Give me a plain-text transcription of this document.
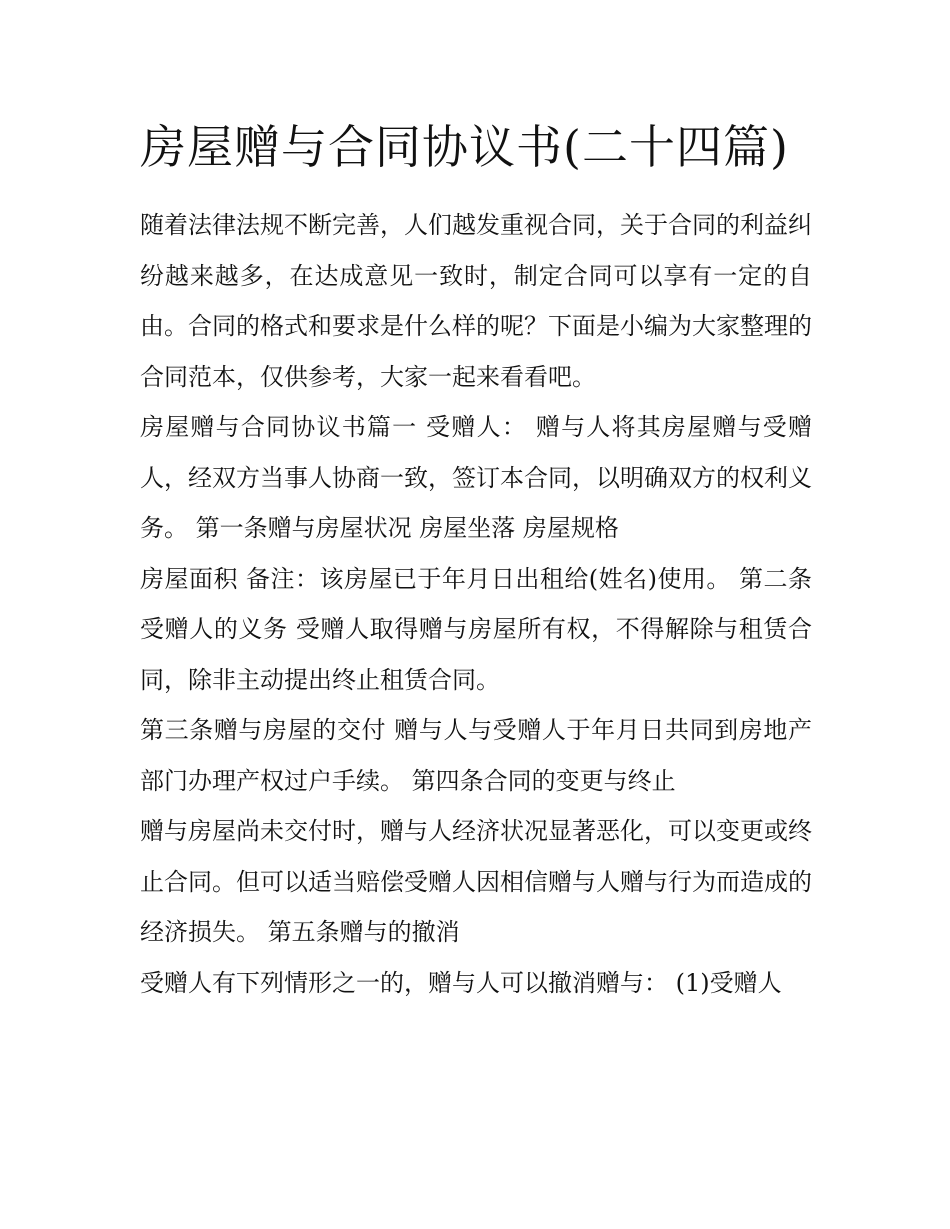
房屋赠与合同协议书(二十四篇)

随着法律法规不断完善，人们越发重视合同，关于合同的利益纠纷越来越多，在达成意见一致时，制定合同可以享有一定的自由。合同的格式和要求是什么样的呢？下面是小编为大家整理的合同范本，仅供参考，大家一起来看看吧。

房屋赠与合同协议书篇一 受赠人： 赠与人将其房屋赠与受赠人，经双方当事人协商一致，签订本合同，以明确双方的权利义务。 第一条赠与房屋状况 房屋坐落 房屋规格

房屋面积 备注：该房屋已于年月日出租给(姓名)使用。 第二条受赠人的义务 受赠人取得赠与房屋所有权，不得解除与租赁合同，除非主动提出终止租赁合同。

第三条赠与房屋的交付 赠与人与受赠人于年月日共同到房地产部门办理产权过户手续。 第四条合同的变更与终止

赠与房屋尚未交付时，赠与人经济状况显著恶化，可以变更或终止合同。但可以适当赔偿受赠人因相信赠与人赠与行为而造成的经济损失。 第五条赠与的撤消

受赠人有下列情形之一的，赠与人可以撤消赠与： (1)受赠人
